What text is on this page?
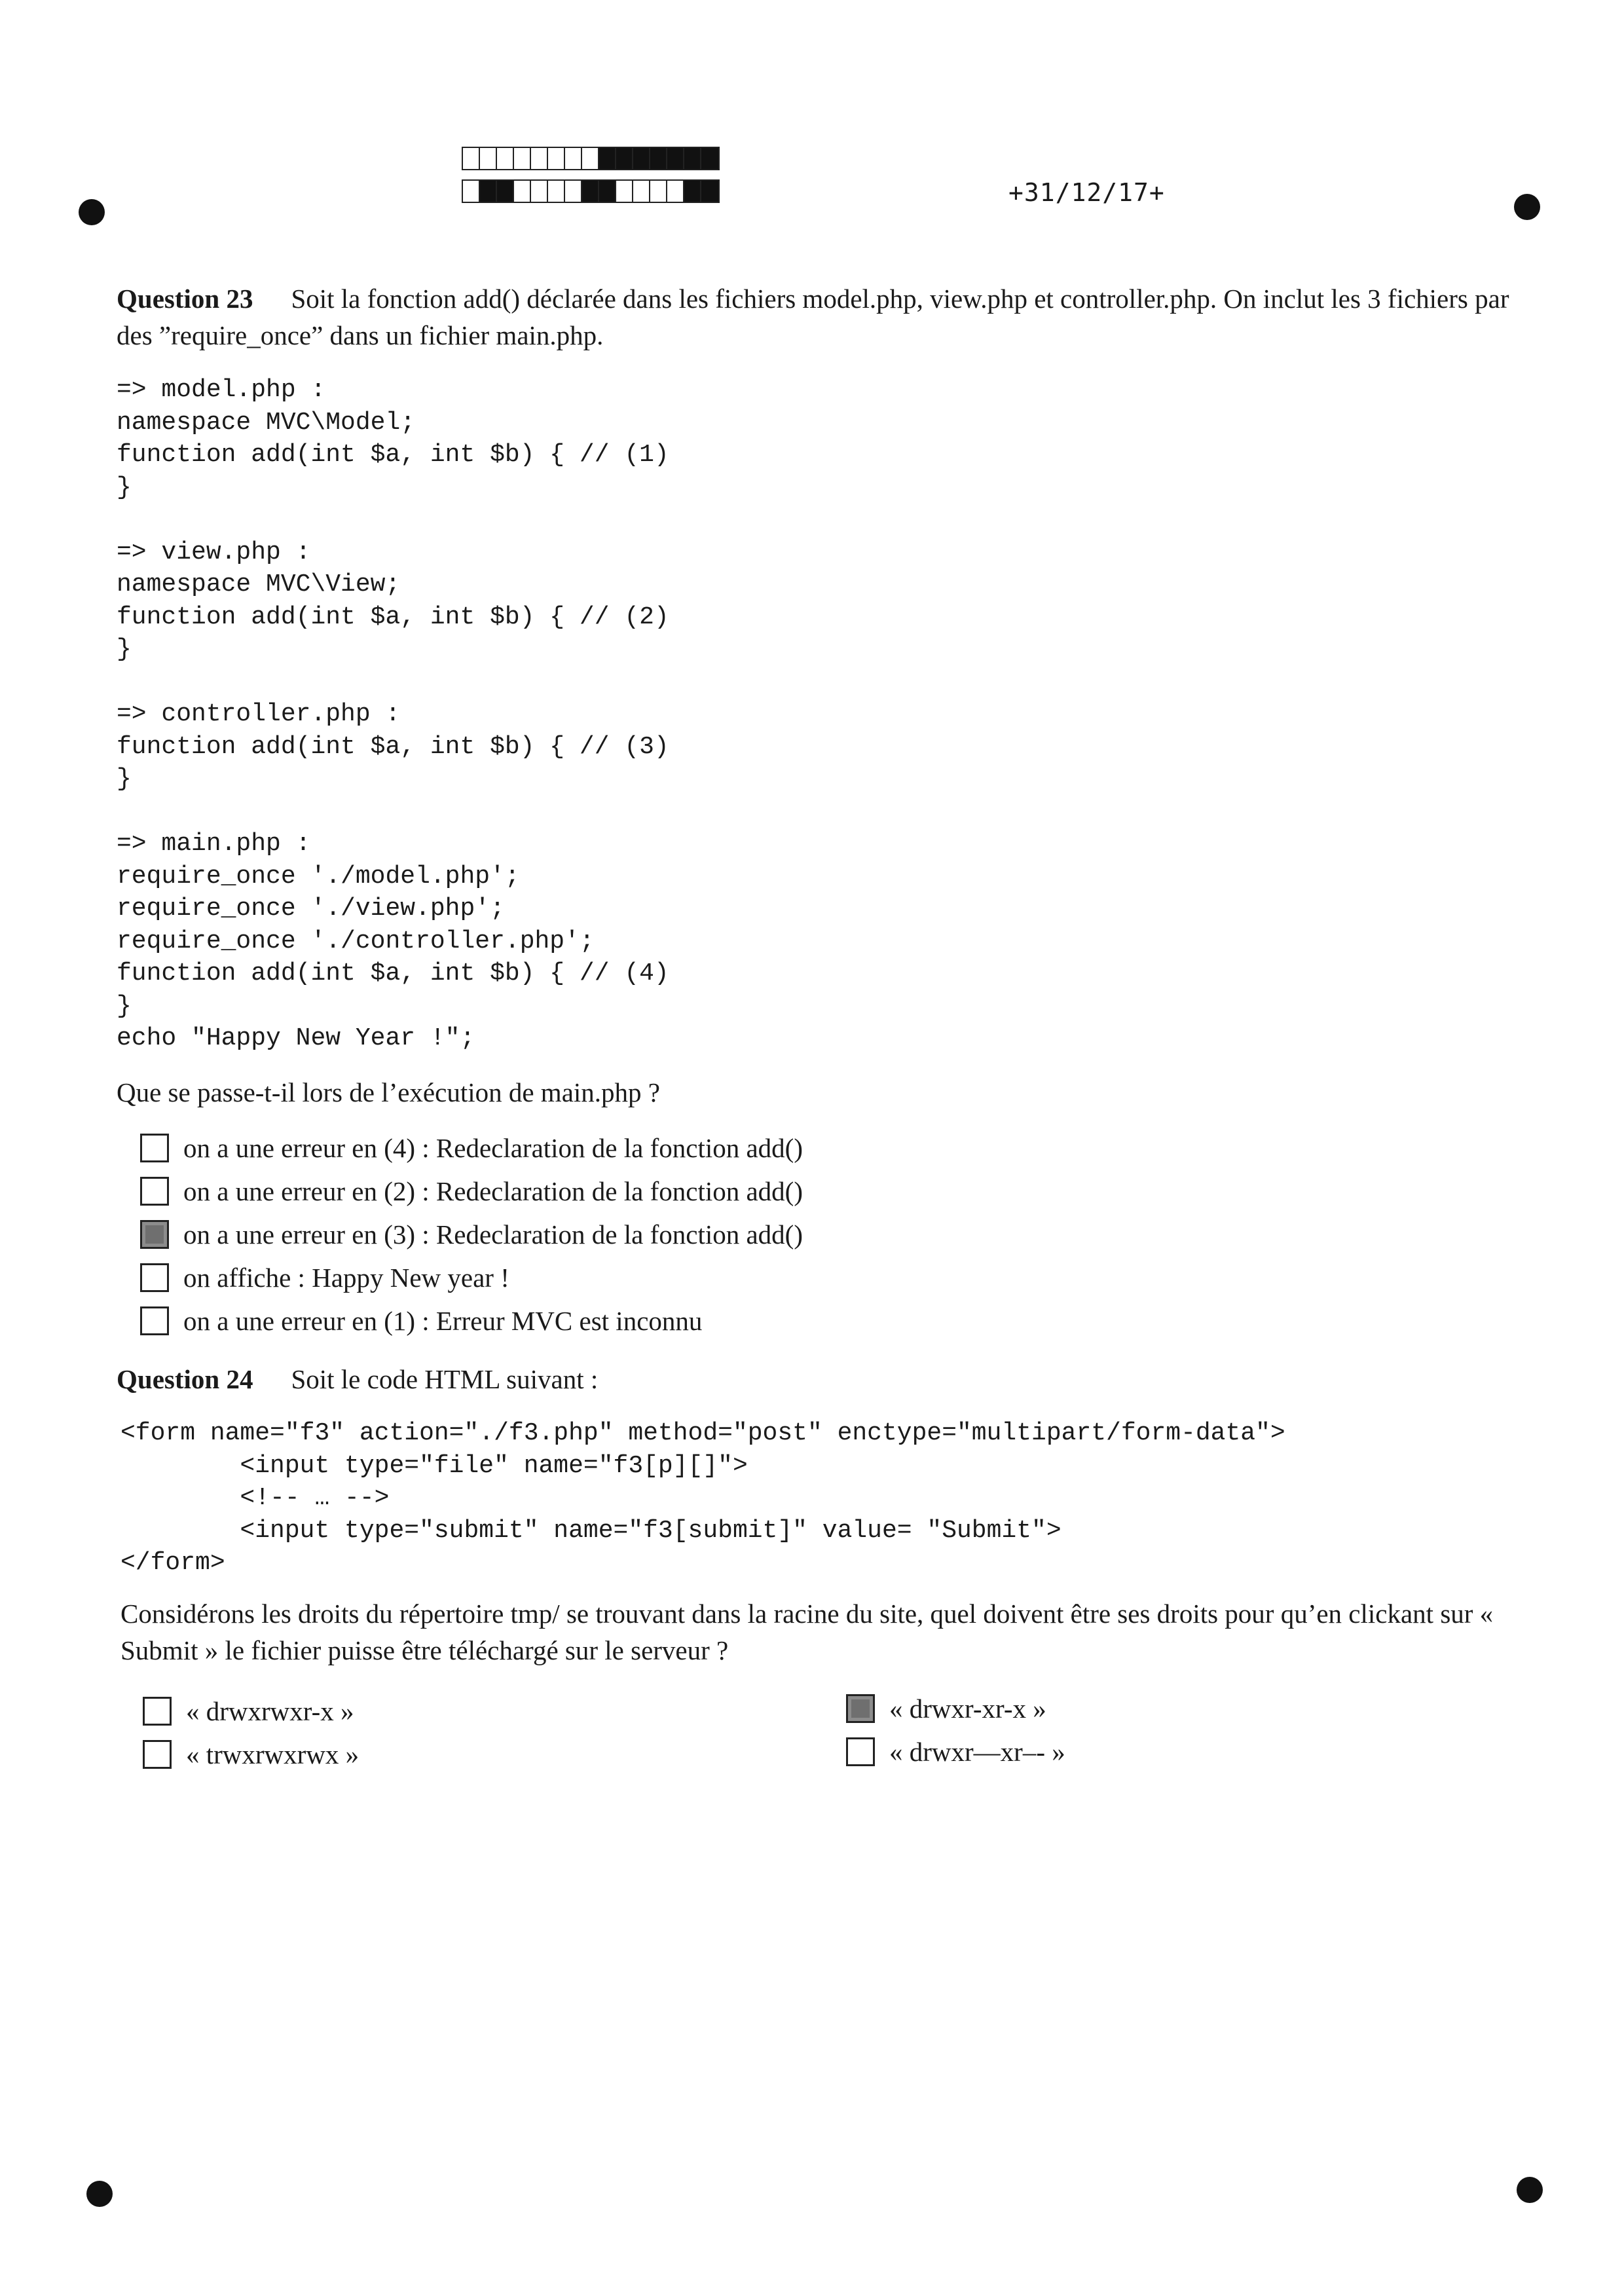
+31/12/17+
Question 23 Soit la fonction add() déclarée dans les fichiers model.php, view.php et controller.php. On inclut les 3 fichiers par des ”require_once” dans un fichier main.php.
=> model.php :
namespace MVC\Model;
function add(int $a, int $b) { // (1)
}

=> view.php :
namespace MVC\View;
function add(int $a, int $b) { // (2)
}

=> controller.php :
function add(int $a, int $b) { // (3)
}

=> main.php :
require_once './model.php';
require_once './view.php';
require_once './controller.php';
function add(int $a, int $b) { // (4)
}
echo "Happy New Year !";
Que se passe-t-il lors de l’exécution de main.php ?
on a une erreur en (4) : Redeclaration de la fonction add()
on a une erreur en (2) : Redeclaration de la fonction add()
on a une erreur en (3) : Redeclaration de la fonction add()
on affiche : Happy New year !
on a une erreur en (1) : Erreur MVC est inconnu
Question 24 Soit le code HTML suivant :
<form name="f3" action="./f3.php" method="post" enctype="multipart/form-data">
<input type="file" name="f3[p][]">
<!-- … -->
<input type="submit" name="f3[submit]" value= "Submit">
</form>
Considérons les droits du répertoire tmp/ se trouvant dans la racine du site, quel doivent être ses droits pour qu’en clickant sur « Submit » le fichier puisse être téléchargé sur le serveur ?
« drwxrwxr-x »	« drwxr-xr-x »
« trwxrwxrwx »	« drwxr—xr–- »
